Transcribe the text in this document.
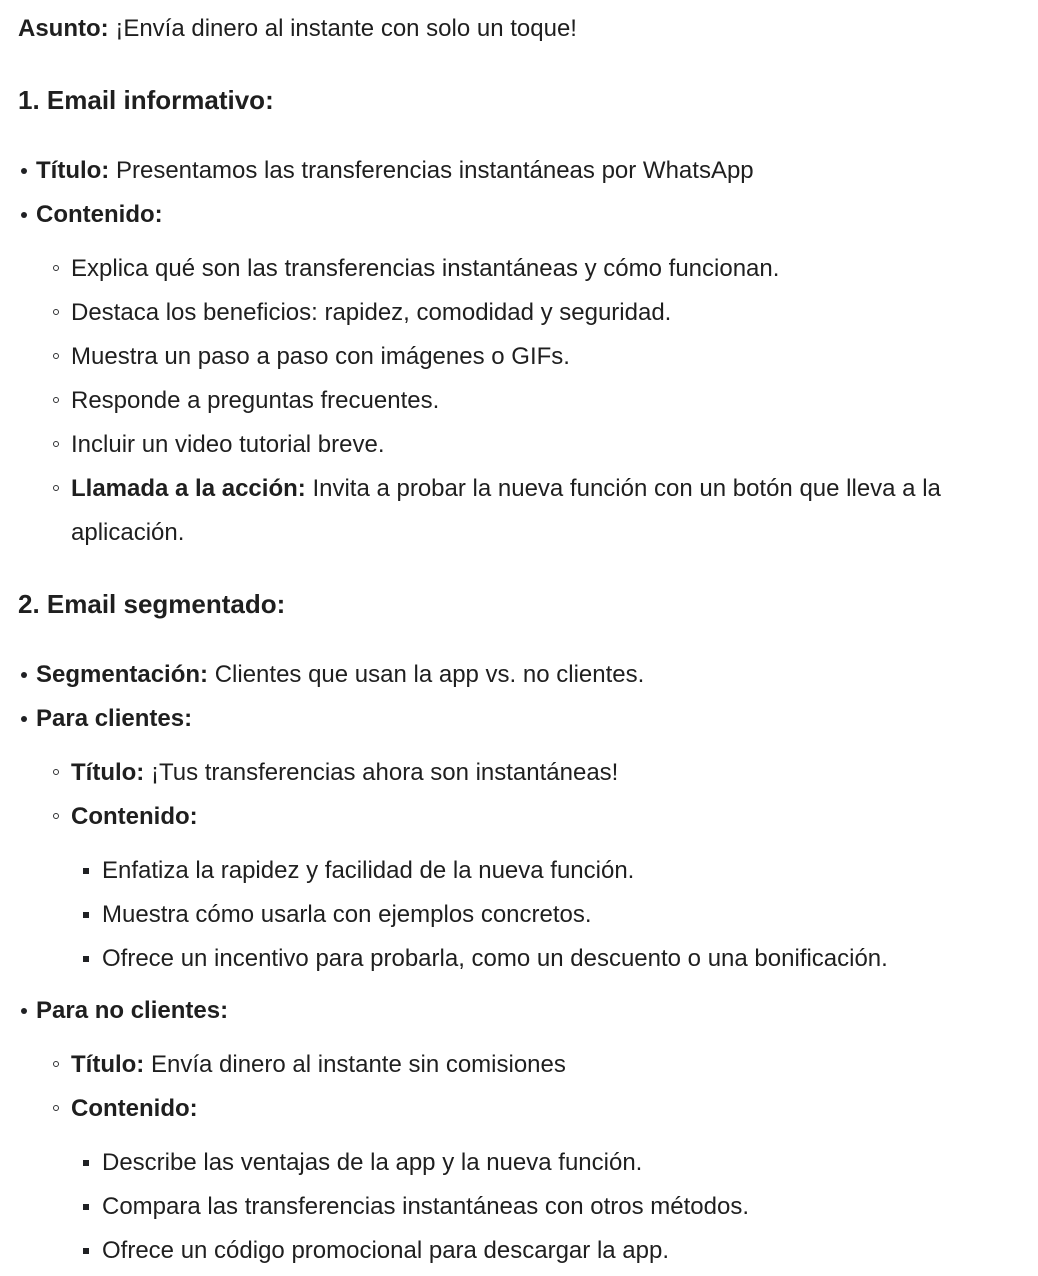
Asunto: ¡Envía dinero al instante con solo un toque!

1. Email informativo:
Título: Presentamos las transferencias instantáneas por WhatsApp
Contenido:
Explica qué son las transferencias instantáneas y cómo funcionan.
Destaca los beneficios: rapidez, comodidad y seguridad.
Muestra un paso a paso con imágenes o GIFs.
Responde a preguntas frecuentes.
Incluir un video tutorial breve.
Llamada a la acción: Invita a probar la nueva función con un botón que lleva a la aplicación.
2. Email segmentado:
Segmentación: Clientes que usan la app vs. no clientes.
Para clientes:
Título: ¡Tus transferencias ahora son instantáneas!
Contenido:
Enfatiza la rapidez y facilidad de la nueva función.
Muestra cómo usarla con ejemplos concretos.
Ofrece un incentivo para probarla, como un descuento o una bonificación.
Para no clientes:
Título: Envía dinero al instante sin comisiones
Contenido:
Describe las ventajas de la app y la nueva función.
Compara las transferencias instantáneas con otros métodos.
Ofrece un código promocional para descargar la app.
